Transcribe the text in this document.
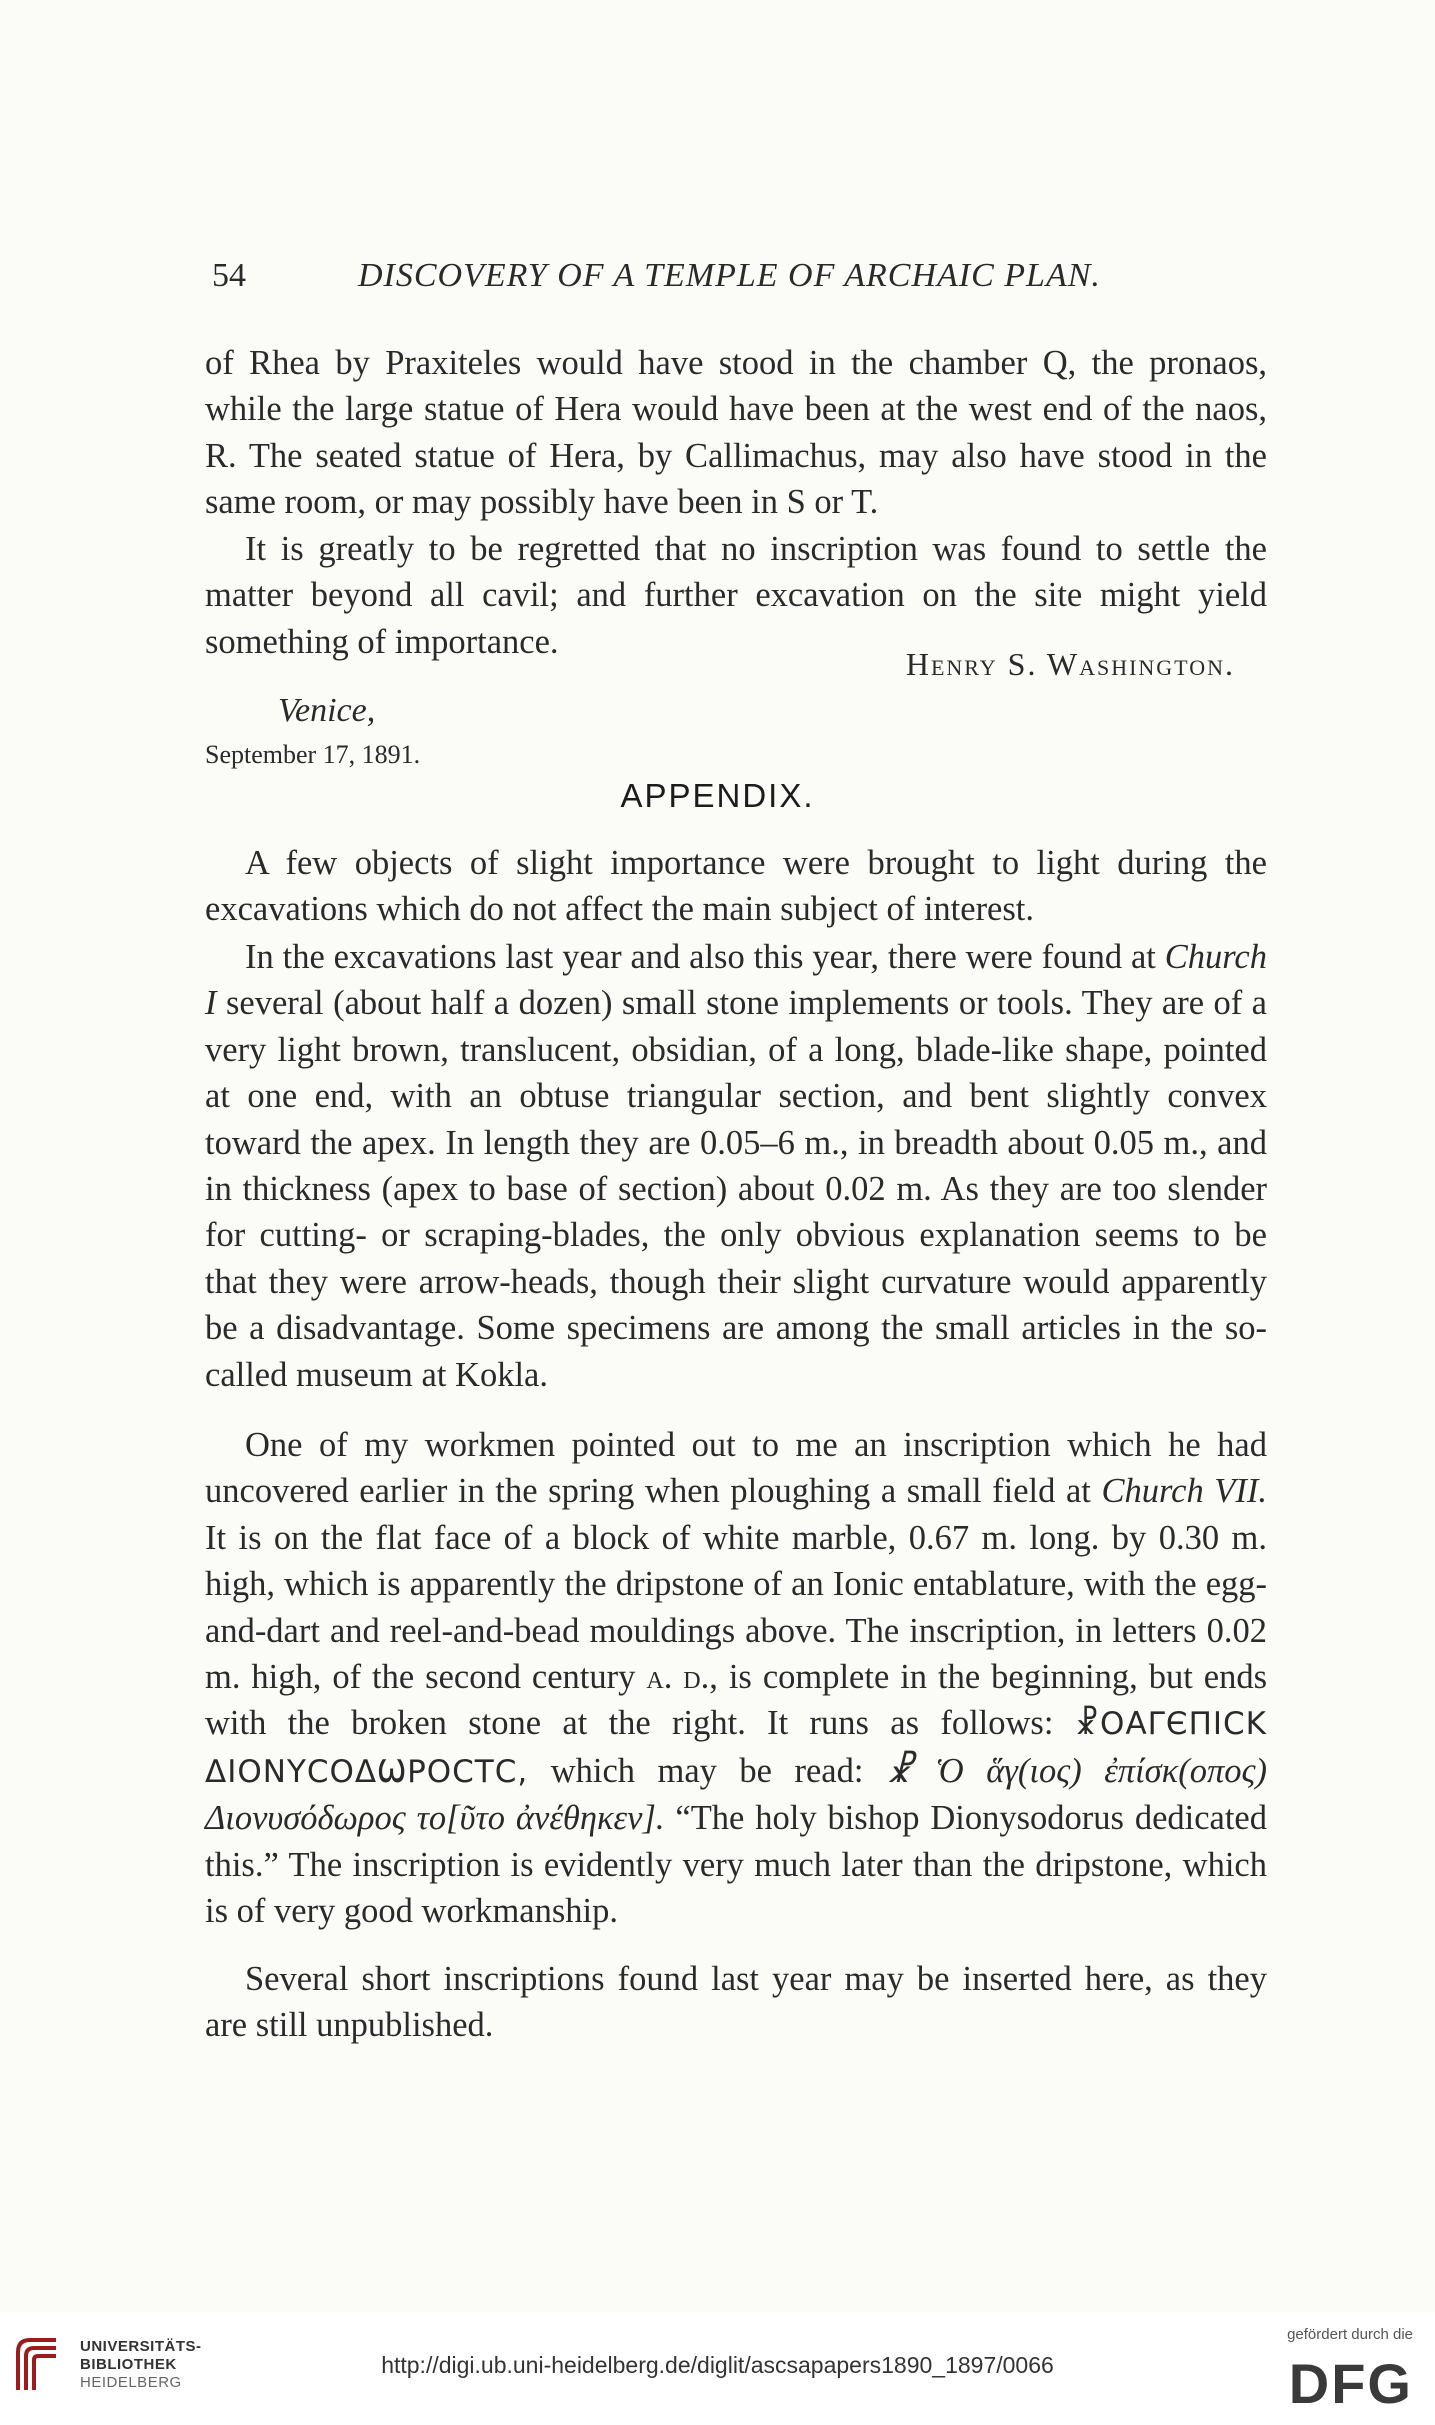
54	DISCOVERY OF A TEMPLE OF ARCHAIC PLAN.

of Rhea by Praxiteles would have stood in the chamber Q, the pronaos, while the large statue of Hera would have been at the west end of the naos, R. The seated statue of Hera, by Callimachus, may also have stood in the same room, or may possibly have been in S or T.

It is greatly to be regretted that no inscription was found to settle the matter beyond all cavil; and further excavation on the site might yield something of importance.

Henry S. Washington.
Venice,
September 17, 1891.
APPENDIX.

A few objects of slight importance were brought to light during the excavations which do not affect the main subject of interest.

In the excavations last year and also this year, there were found at Church I several (about half a dozen) small stone implements or tools. They are of a very light brown, translucent, obsidian, of a long, blade-like shape, pointed at one end, with an obtuse triangular section, and bent slightly convex toward the apex. In length they are 0.05–6 m., in breadth about 0.05 m., and in thickness (apex to base of section) about 0.02 m. As they are too slender for cutting- or scraping-blades, the only obvious explanation seems to be that they were arrow-heads, though their slight curvature would apparently be a disadvantage. Some specimens are among the small articles in the so-called museum at Kokla.

One of my workmen pointed out to me an inscription which he had uncovered earlier in the spring when ploughing a small field at Church VII. It is on the flat face of a block of white marble, 0.67 m. long. by 0.30 m. high, which is apparently the dripstone of an Ionic entablature, with the egg-and-dart and reel-and-bead mouldings above. The inscription, in letters 0.02 m. high, of the second century a. d., is complete in the beginning, but ends with the broken stone at the right. It runs as follows: ☧OΑΓЄΠΙϹΚ ΔΙΟΝΥϹΟΔѠΡΟϹΤϹ, which may be read: ☧ Ὁ ἅγ(ιος) ἐπίσκ(οπος) Διονυσόδωρος το[ῦτο ἀνέθηκεν]. “The holy bishop Dionysodorus dedicated this.” The inscription is evidently very much later than the dripstone, which is of very good workmanship.

Several short inscriptions found last year may be inserted here, as they are still unpublished.

UNIVERSITÄTS-
BIBLIOTHEK
HEIDELBERG
http://digi.ub.uni-heidelberg.de/diglit/ascsapapers1890_1897/0066
gefördert durch die
DFG
